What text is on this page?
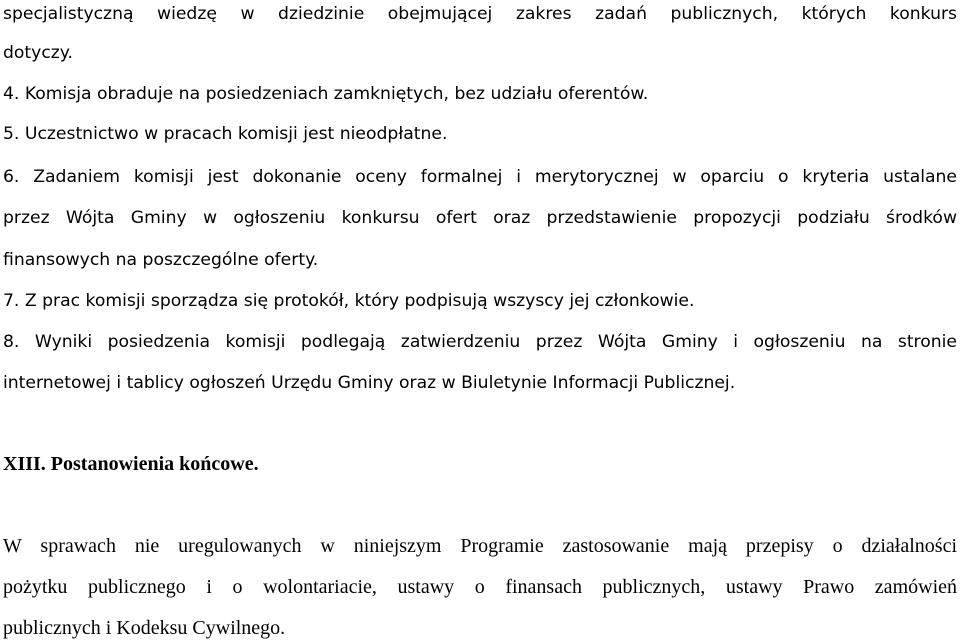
specjalistyczną wiedzę w dziedzinie obejmującej zakres zadań publicznych, których konkurs
dotyczy.
4. Komisja obraduje na posiedzeniach zamkniętych, bez udziału oferentów.
5. Uczestnictwo w pracach komisji jest nieodpłatne.
6. Zadaniem komisji jest dokonanie oceny formalnej i merytorycznej w oparciu o kryteria ustalane
przez Wójta Gminy w ogłoszeniu konkursu ofert oraz przedstawienie propozycji podziału środków
finansowych na poszczególne oferty.
7. Z prac komisji sporządza się protokół, który podpisują wszyscy jej członkowie.
8. Wyniki posiedzenia komisji podlegają zatwierdzeniu przez Wójta Gminy i ogłoszeniu na stronie
internetowej i tablicy ogłoszeń Urzędu Gminy oraz w Biuletynie Informacji Publicznej.
XIII. Postanowienia końcowe.
W sprawach nie uregulowanych w niniejszym Programie zastosowanie mają przepisy o działalności
pożytku publicznego i o wolontariacie, ustawy o finansach publicznych, ustawy Prawo zamówień
publicznych i Kodeksu Cywilnego.
